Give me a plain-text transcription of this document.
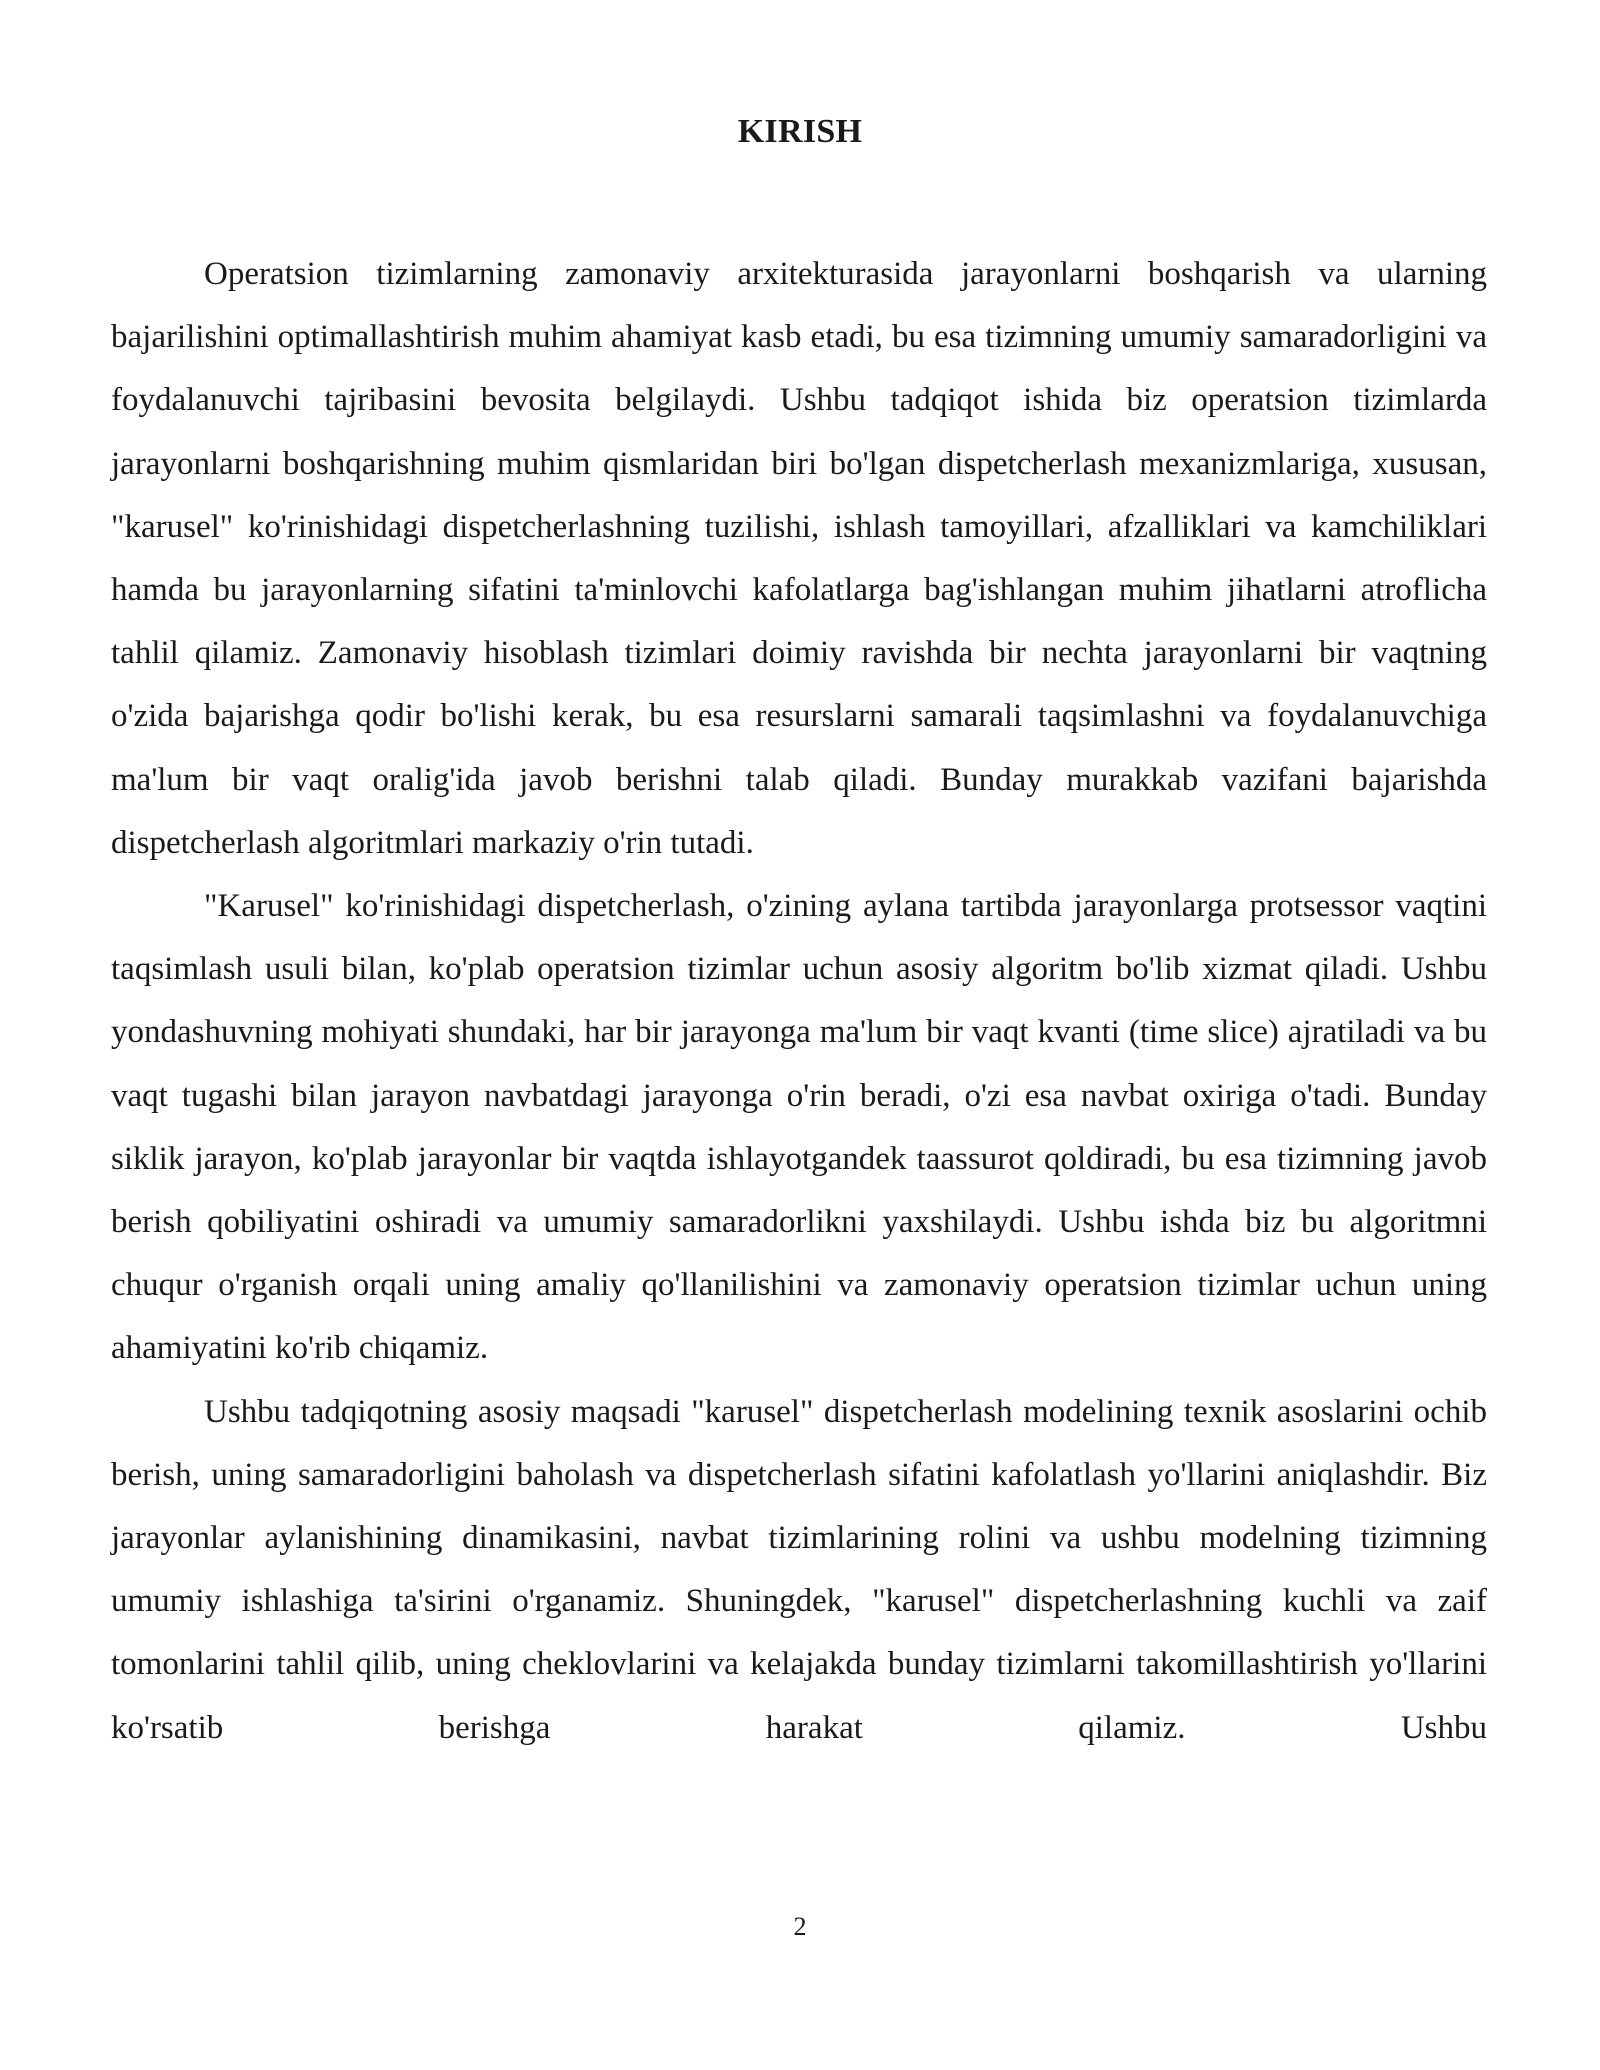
KIRISH

Operatsion tizimlarning zamonaviy arxitekturasida jarayonlarni boshqarish va ularning bajarilishini optimallashtirish muhim ahamiyat kasb etadi, bu esa tizimning umumiy samaradorligini va foydalanuvchi tajribasini bevosita belgilaydi. Ushbu tadqiqot ishida biz operatsion tizimlarda jarayonlarni boshqarishning muhim qismlaridan biri bo'lgan dispetcherlash mexanizmlariga, xususan, "karusel" ko'rinishidagi dispetcherlashning tuzilishi, ishlash tamoyillari, afzalliklari va kamchiliklari hamda bu jarayonlarning sifatini ta'minlovchi kafolatlarga bag'ishlangan muhim jihatlarni atroflicha tahlil qilamiz. Zamonaviy hisoblash tizimlari doimiy ravishda bir nechta jarayonlarni bir vaqtning o'zida bajarishga qodir bo'lishi kerak, bu esa resurslarni samarali taqsimlashni va foydalanuvchiga ma'lum bir vaqt oralig'ida javob berishni talab qiladi. Bunday murakkab vazifani bajarishda dispetcherlash algoritmlari markaziy o'rin tutadi.

"Karusel" ko'rinishidagi dispetcherlash, o'zining aylana tartibda jarayonlarga protsessor vaqtini taqsimlash usuli bilan, ko'plab operatsion tizimlar uchun asosiy algoritm bo'lib xizmat qiladi. Ushbu yondashuvning mohiyati shundaki, har bir jarayonga ma'lum bir vaqt kvanti (time slice) ajratiladi va bu vaqt tugashi bilan jarayon navbatdagi jarayonga o'rin beradi, o'zi esa navbat oxiriga o'tadi. Bunday siklik jarayon, ko'plab jarayonlar bir vaqtda ishlayotgandek taassurot qoldiradi, bu esa tizimning javob berish qobiliyatini oshiradi va umumiy samaradorlikni yaxshilaydi. Ushbu ishda biz bu algoritmni chuqur o'rganish orqali uning amaliy qo'llanilishini va zamonaviy operatsion tizimlar uchun uning ahamiyatini ko'rib chiqamiz.

Ushbu tadqiqotning asosiy maqsadi "karusel" dispetcherlash modelining texnik asoslarini ochib berish, uning samaradorligini baholash va dispetcherlash sifatini kafolatlash yo'llarini aniqlashdir. Biz jarayonlar aylanishining dinamikasini, navbat tizimlarining rolini va ushbu modelning tizimning umumiy ishlashiga ta'sirini o'rganamiz. Shuningdek, "karusel" dispetcherlashning kuchli va zaif tomonlarini tahlil qilib, uning cheklovlarini va kelajakda bunday tizimlarni takomillashtirish yo'llarini ko'rsatib berishga harakat qilamiz. Ushbu

2
